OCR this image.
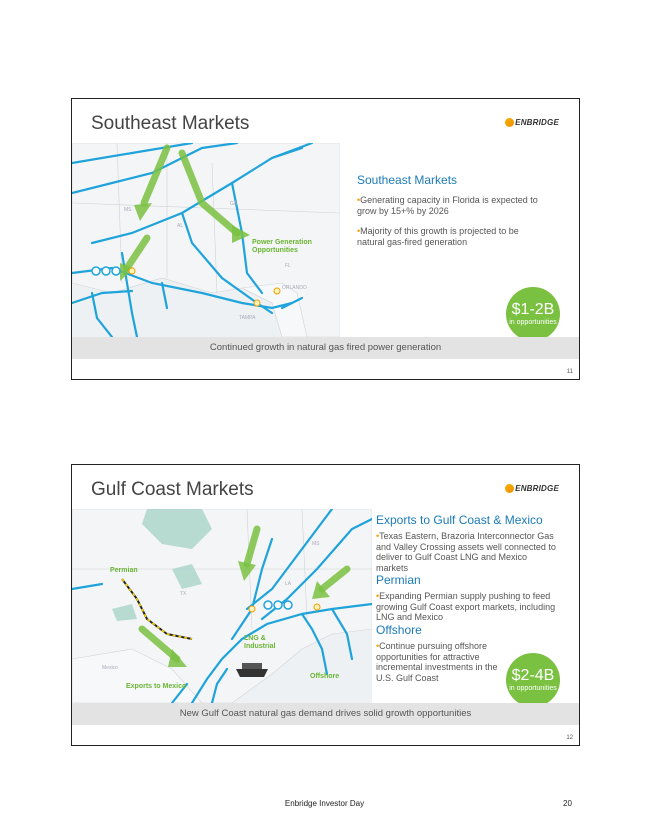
Southeast Markets	ENBRIDGE
MS
GA
AL
FL
TAMPA
ORLANDO
Power Generation
Opportunities
Southeast Markets
•Generating capacity in Florida is expected to grow by 15+% by 2026
•Majority of this growth is projected to be natural gas-fired generation
$1-2B
in opportunities
Continued growth in natural gas fired power generation
11
Gulf Coast Markets	ENBRIDGE
MS
LA
TX
Mexico
Permian
LNG &
Industrial
Offshore
Exports to Mexico
Exports to Gulf Coast & Mexico
•Texas Eastern, Brazoria Interconnector Gas and Valley Crossing assets well connected to deliver to Gulf Coast LNG and Mexico markets
Permian
•Expanding Permian supply pushing to feed growing Gulf Coast export markets, including LNG and Mexico
Offshore
•Continue pursuing offshore opportunities for attractive incremental investments in the U.S. Gulf Coast	$2-4B
in opportunities
New Gulf Coast natural gas demand drives solid growth opportunities
12
Enbridge Investor Day	20
